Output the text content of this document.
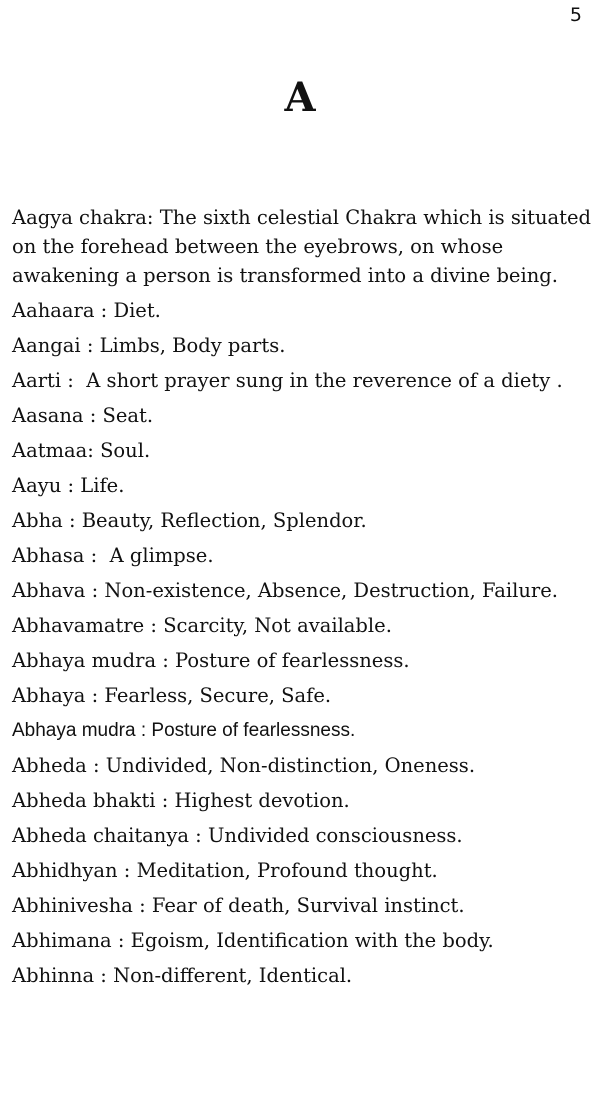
5
A
Aagya chakra: The sixth celestial Chakra which is situated on the forehead between the eyebrows, on whose awakening a person is transformed into a divine being.
Aahaara : Diet.
Aangai : Limbs, Body parts.
Aarti :  A short prayer sung in the reverence of a diety .
Aasana : Seat.
Aatmaa: Soul.
Aayu : Life.
Abha : Beauty, Reflection, Splendor.
Abhasa :  A glimpse.
Abhava : Non-existence, Absence, Destruction, Failure.
Abhavamatre : Scarcity, Not available.
Abhaya mudra : Posture of fearlessness.
Abhaya : Fearless, Secure, Safe.
Abhaya mudra : Posture of fearlessness.
Abheda : Undivided, Non-distinction, Oneness.
Abheda bhakti : Highest devotion.
Abheda chaitanya : Undivided consciousness.
Abhidhyan : Meditation, Profound thought.
Abhinivesha : Fear of death, Survival instinct.
Abhimana : Egoism, Identification with the body.
Abhinna : Non-different, Identical.
